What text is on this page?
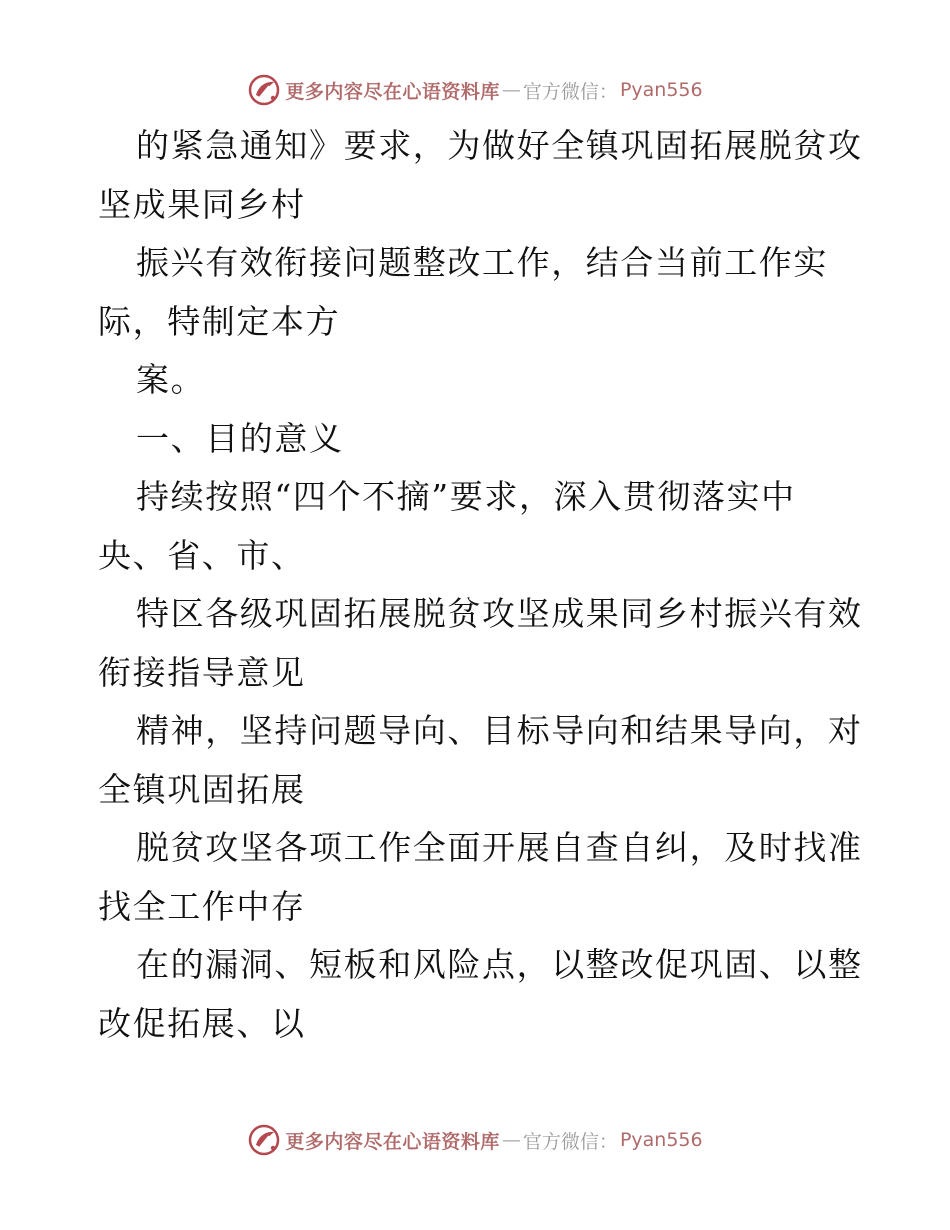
更多内容尽在心语资料库 — 官方微信： Pyan556
的紧急通知》要求，为做好全镇巩固拓展脱贫攻
坚成果同乡村
振兴有效衔接问题整改工作，结合当前工作实
际，特制定本方
案。
一、目的意义
持续按照“四个不摘”要求，深入贯彻落实中
央、省、市、
特区各级巩固拓展脱贫攻坚成果同乡村振兴有效
衔接指导意见
精神，坚持问题导向、目标导向和结果导向，对
全镇巩固拓展
脱贫攻坚各项工作全面开展自查自纠，及时找准
找全工作中存
在的漏洞、短板和风险点，以整改促巩固、以整
改促拓展、以
更多内容尽在心语资料库 — 官方微信： Pyan556
